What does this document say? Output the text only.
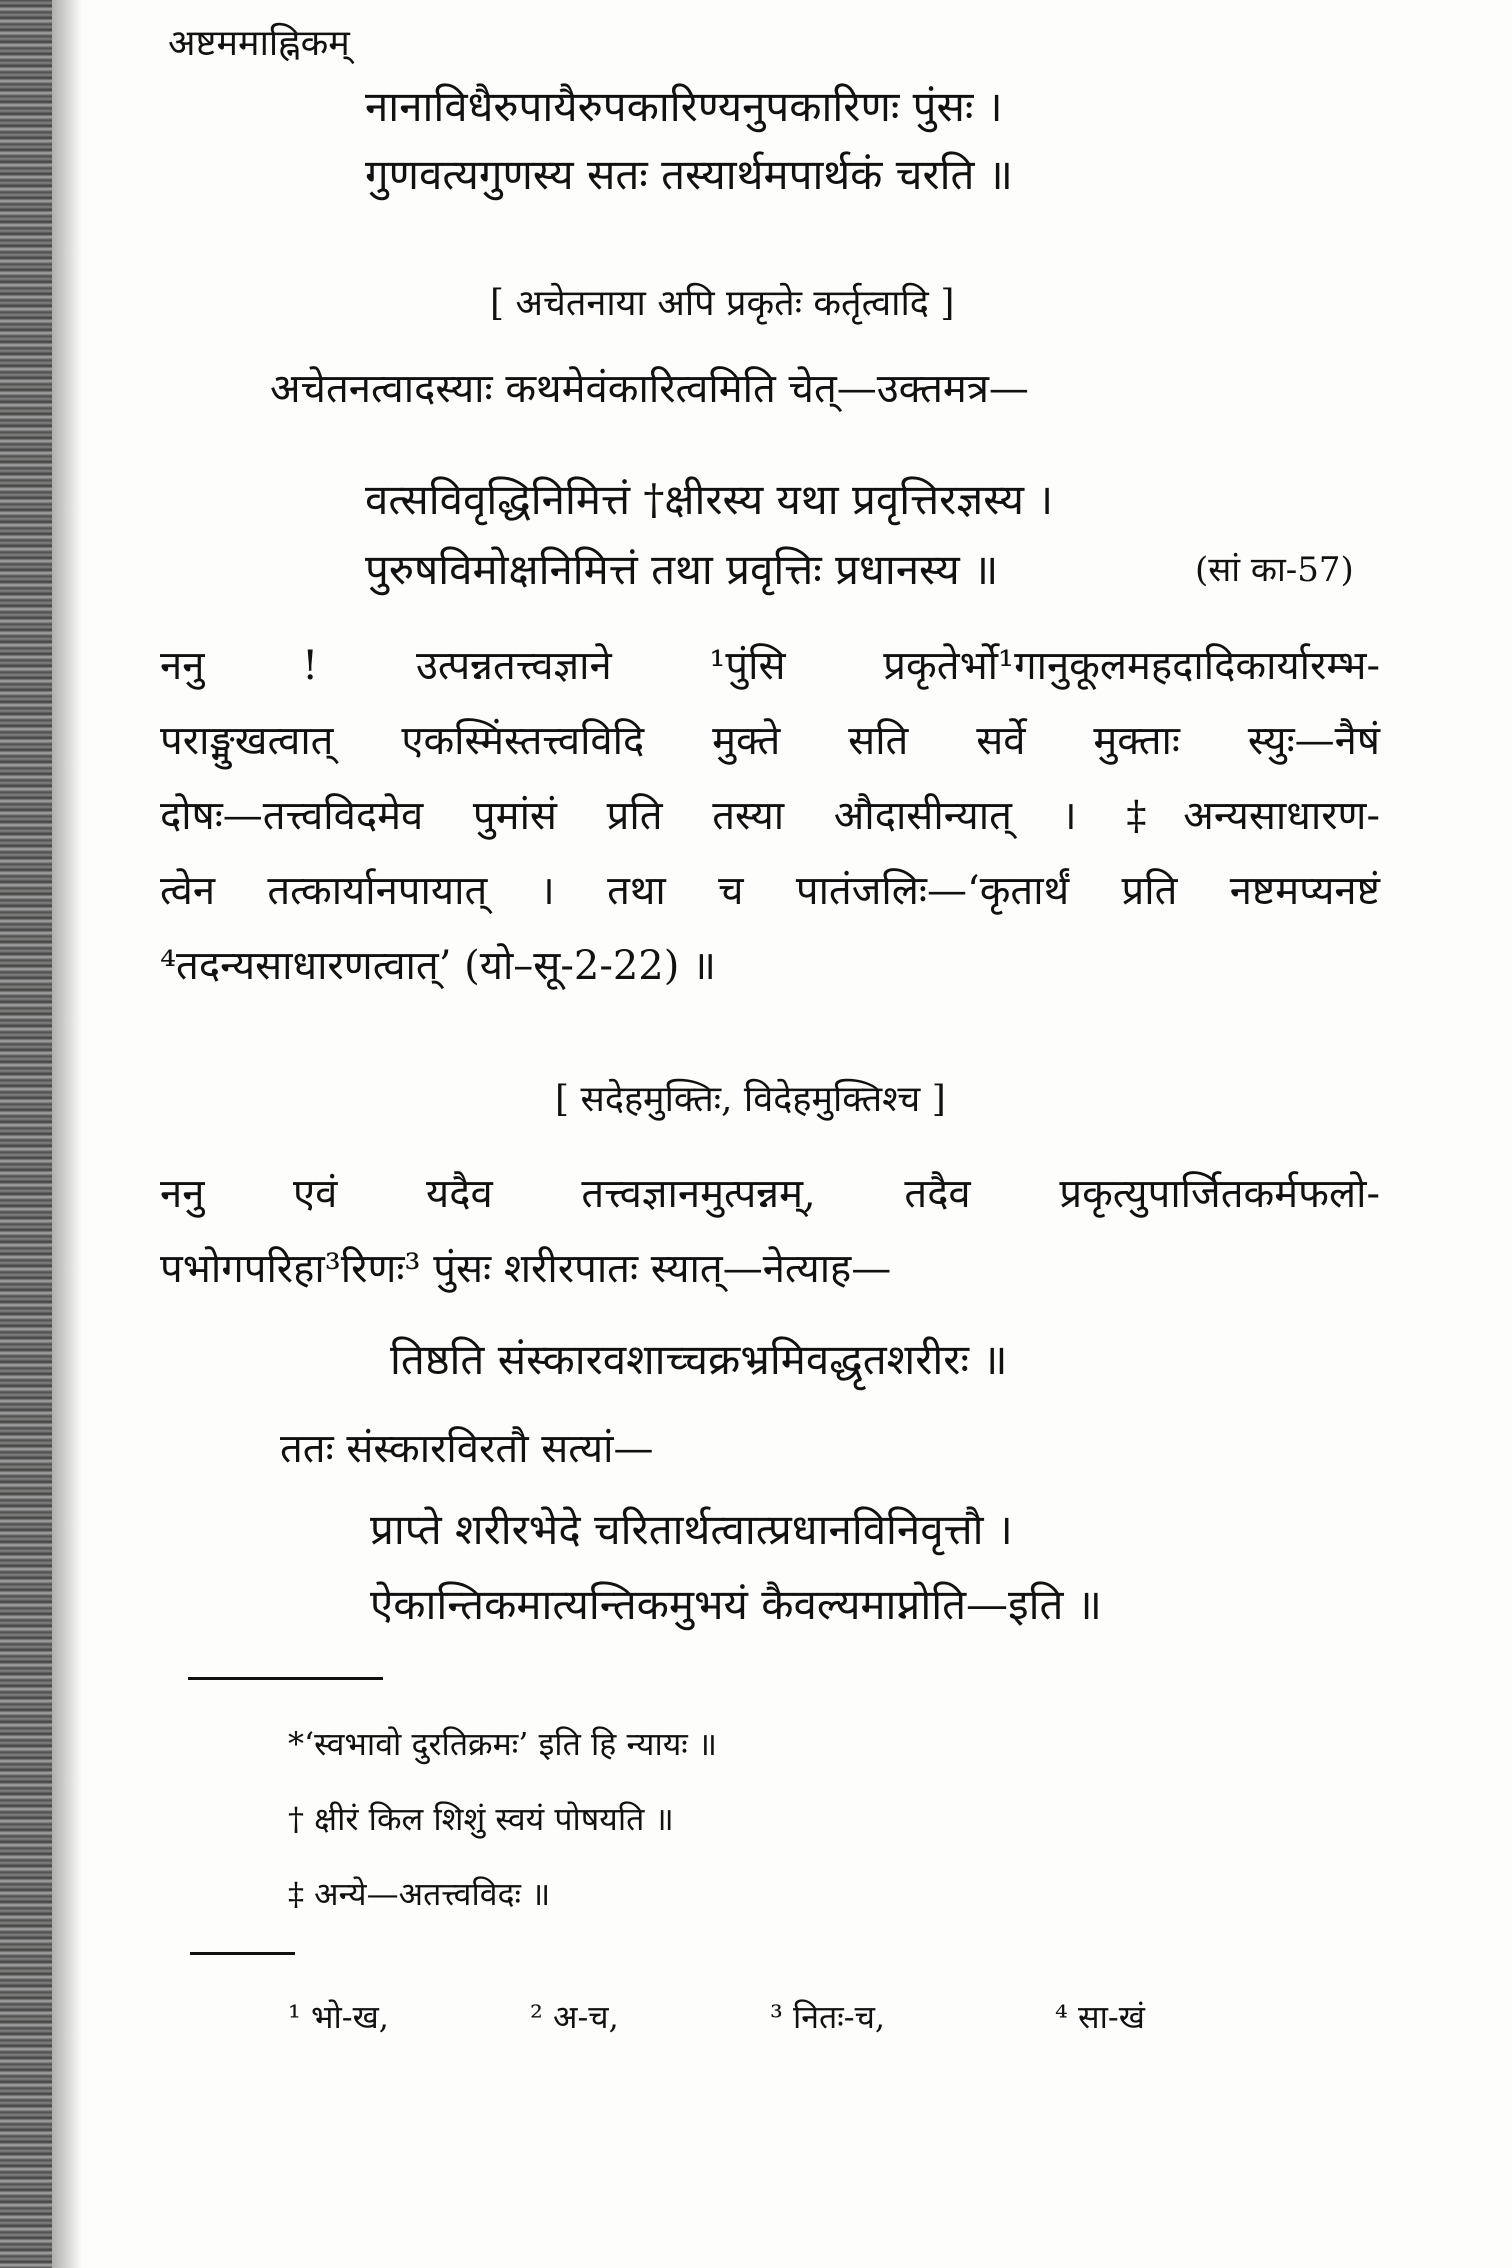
अष्टममाह्निकम्
नानाविधैरुपायैरुपकारिण्यनुपकारिणः पुंसः ।
गुणवत्यगुणस्य सतः तस्यार्थमपार्थकं चरति ॥
[ अचेतनाया अपि प्रकृतेः कर्तृत्वादि ]
अचेतनत्वादस्याः कथमेवंकारित्वमिति चेत्—उक्तमत्र—
वत्सविवृद्धिनिमित्तं †क्षीरस्य यथा प्रवृत्तिरज्ञस्य ।
पुरुषविमोक्षनिमित्तं तथा प्रवृत्तिः प्रधानस्य ॥	(सां का-57)
ननु ! उत्पन्नतत्त्वज्ञाने ¹पुंसि प्रकृतेर्भो¹गानुकूलमहदादिकार्यारम्भ-
पराङ्मुखत्वात् एकस्मिंस्तत्त्वविदि मुक्ते सति सर्वे मुक्ताः स्युः—नैषं
दोषः—तत्त्वविदमेव पुमांसं प्रति तस्या औदासीन्यात् । ‡अन्यसाधारण-
त्वेन तत्कार्यानपायात् । तथा च पातंजलिः—‘कृतार्थं प्रति नष्टमप्यनष्टं
⁴तदन्यसाधारणत्वात्’ (यो–सू-2-22) ॥
[ सदेहमुक्तिः, विदेहमुक्तिश्च ]
ननु एवं यदैव तत्त्वज्ञानमुत्पन्नम्, तदैव प्रकृत्युपार्जितकर्मफलो-
पभोगपरिहा³रिणः³ पुंसः शरीरपातः स्यात्—नेत्याह—
तिष्ठति संस्कारवशाच्चक्रभ्रमिवद्धृतशरीरः ॥
ततः संस्कारविरतौ सत्यां—
प्राप्ते शरीरभेदे चरितार्थत्वात्प्रधानविनिवृत्तौ ।
ऐकान्तिकमात्यन्तिकमुभयं कैवल्यमाप्नोति—इति ॥
*‘स्वभावो दुरतिक्रमः’ इति हि न्यायः ॥
† क्षीरं किल शिशुं स्वयं पोषयति ॥
‡ अन्ये—अतत्त्वविदः ॥
¹ भो-ख,	² अ-च,	³ नितः-च,	⁴ सा-खं
